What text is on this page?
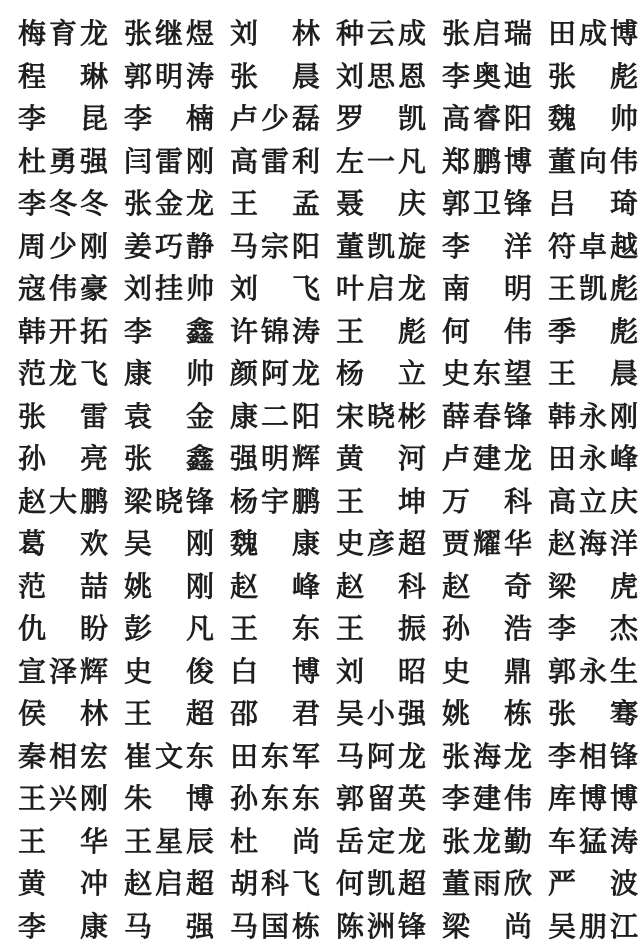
梅育龙 张继煜 刘林 种云成 张启瑞 田成博
程琳 郭明涛 张晨 刘思恩 李奥迪 张彪
李昆 李楠 卢少磊 罗凯 高睿阳 魏帅
杜勇强 闫雷刚 高雷利 左一凡 郑鹏博 董向伟
李冬冬 张金龙 王孟 聂庆 郭卫锋 吕琦
周少刚 姜巧静 马宗阳 董凯旋 李洋 符卓越
寇伟豪 刘挂帅 刘飞 叶启龙 南明 王凯彪
韩开拓 李鑫 许锦涛 王彪 何伟 季彪
范龙飞 康帅 颜阿龙 杨立 史东望 王晨
张雷 袁金 康二阳 宋晓彬 薛春锋 韩永刚
孙亮 张鑫 强明辉 黄河 卢建龙 田永峰
赵大鹏 梁晓锋 杨宇鹏 王坤 万科 高立庆
葛欢 吴刚 魏康 史彦超 贾耀华 赵海洋
范喆 姚刚 赵峰 赵科 赵奇 梁虎
仇盼 彭凡 王东 王振 孙浩 李杰
宣泽辉 史俊 白博 刘昭 史鼎 郭永生
侯林 王超 邵君 吴小强 姚栋 张骞
秦相宏 崔文东 田东军 马阿龙 张海龙 李相锋
王兴刚 朱博 孙东东 郭留英 李建伟 库博博
王华 王星辰 杜尚 岳定龙 张龙勤 车猛涛
黄冲 赵启超 胡科飞 何凯超 董雨欣 严波
李康 马强 马国栋 陈洲锋 梁尚 吴朋江
